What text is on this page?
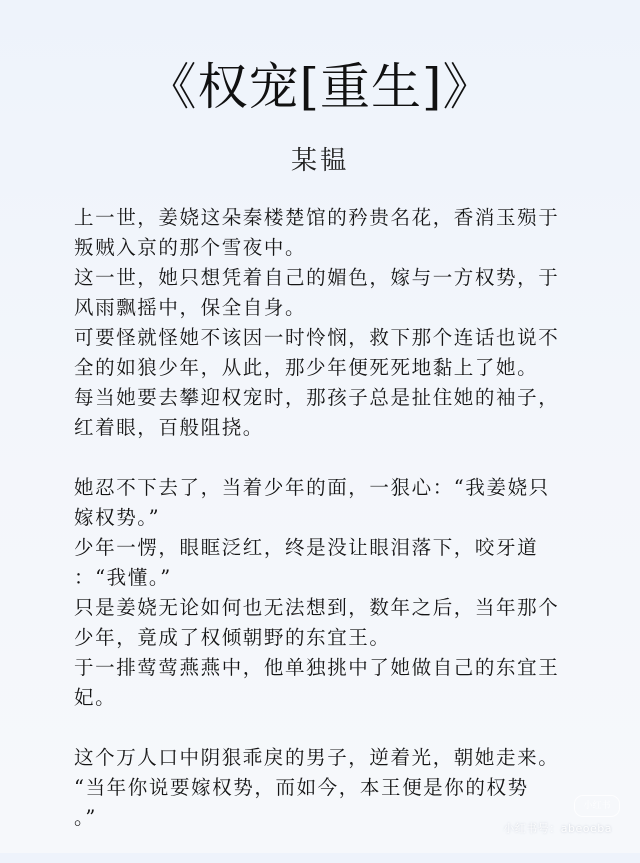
《权宠[重生]》
某韫
上一世，姜娆这朵秦楼楚馆的矜贵名花，香消玉殒于
叛贼入京的那个雪夜中。
这一世，她只想凭着自己的媚色，嫁与一方权势，于
风雨飘摇中，保全自身。
可要怪就怪她不该因一时怜悯，救下那个连话也说不
全的如狼少年，从此，那少年便死死地黏上了她。
每当她要去攀迎权宠时，那孩子总是扯住她的袖子，
红着眼，百般阻挠。
她忍不下去了，当着少年的面，一狠心：“我姜娆只
嫁权势。”
少年一愣，眼眶泛红，终是没让眼泪落下，咬牙道
：“我懂。”
只是姜娆无论如何也无法想到，数年之后，当年那个
少年，竟成了权倾朝野的东宜王。
于一排莺莺燕燕中，他单独挑中了她做自己的东宜王
妃。
这个万人口中阴狠乖戾的男子，逆着光，朝她走来。
“当年你说要嫁权势，而如今，本王便是你的权势
。”	小红书
小红书号：abeoeba
